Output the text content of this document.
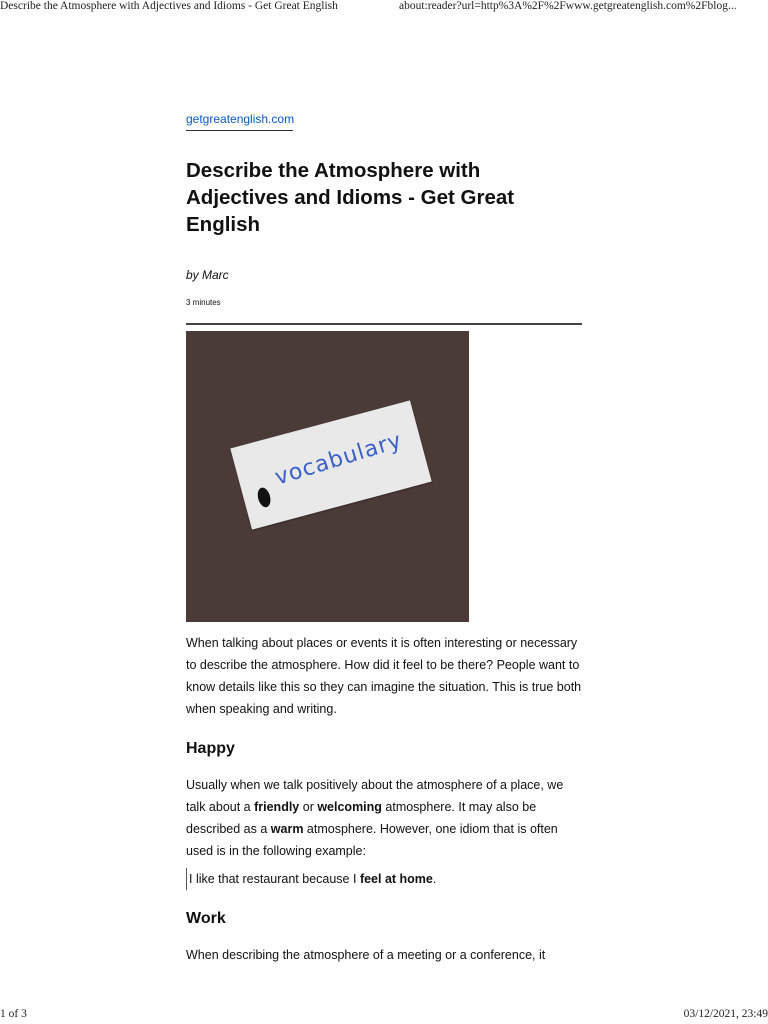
Describe the Atmosphere with Adjectives and Idioms - Get Great English	about:reader?url=http%3A%2F%2Fwww.getgreatenglish.com%2Fblog...
getgreatenglish.com
Describe the Atmosphere with Adjectives and Idioms - Get Great English
by Marc
3 minutes
vocabulary

When talking about places or events it is often interesting or necessary to describe the atmosphere. How did it feel to be there? People want to know details like this so they can imagine the situation. This is true both when speaking and writing.

Happy

Usually when we talk positively about the atmosphere of a place, we talk about a friendly or welcoming atmosphere. It may also be described as a warm atmosphere. However, one idiom that is often used is in the following example:

I like that restaurant because I feel at home.
Work

When describing the atmosphere of a meeting or a conference, it

1 of 3	03/12/2021, 23:49
